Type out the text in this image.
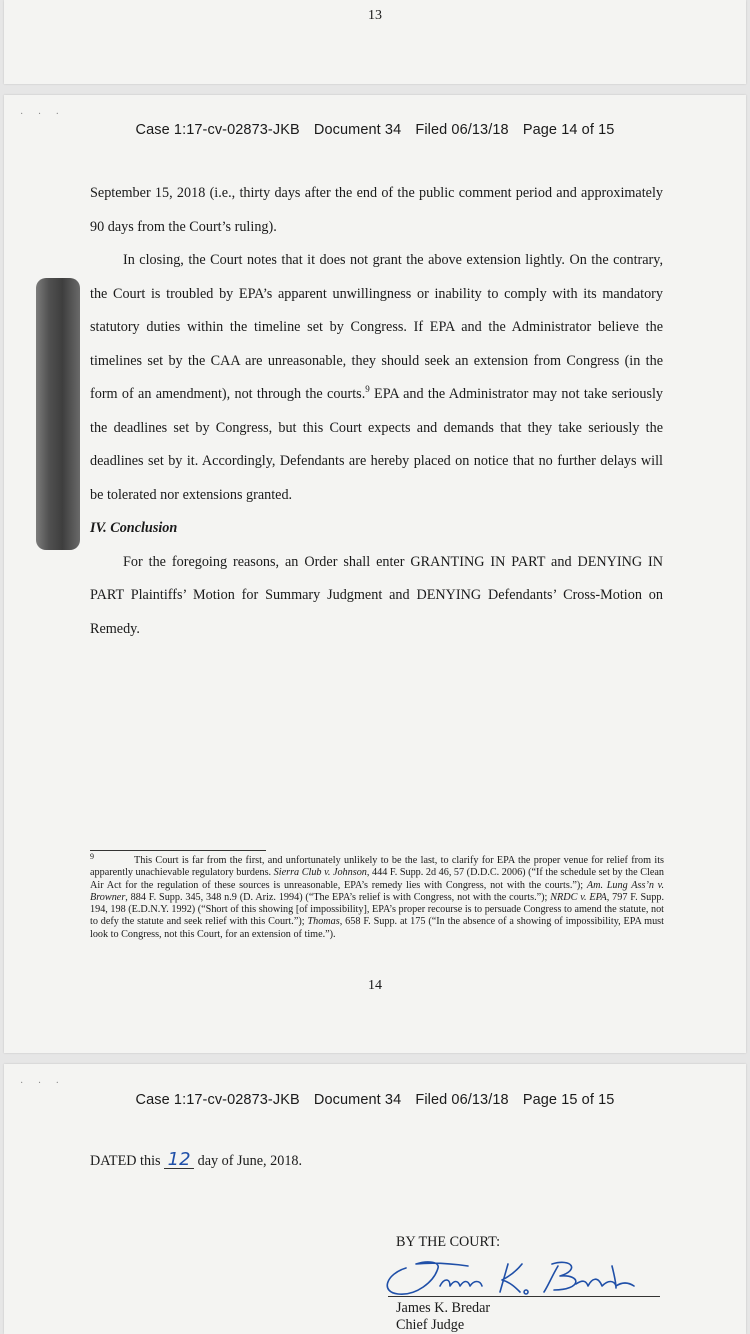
13
· · ·
Case 1:17-cv-02873-JKB Document 34 Filed 06/13/18 Page 14 of 15

September 15, 2018 (i.e., thirty days after the end of the public comment period and approximately 90 days from the Court’s ruling).

In closing, the Court notes that it does not grant the above extension lightly. On the contrary, the Court is troubled by EPA’s apparent unwillingness or inability to comply with its mandatory statutory duties within the timeline set by Congress. If EPA and the Administrator believe the timelines set by the CAA are unreasonable, they should seek an extension from Congress (in the form of an amendment), not through the courts.$^9$ EPA and the Administrator may not take seriously the deadlines set by Congress, but this Court expects and demands that they take seriously the deadlines set by it. Accordingly, Defendants are hereby placed on notice that no further delays will be tolerated nor extensions granted.

IV. Conclusion

For the foregoing reasons, an Order shall enter GRANTING IN PART and DENYING IN PART Plaintiffs’ Motion for Summary Judgment and DENYING Defendants’ Cross-Motion on Remedy.

9	This Court is far from the first, and unfortunately unlikely to be the last, to clarify for EPA the proper venue for relief from its apparently unachievable regulatory burdens. Sierra Club v. Johnson, 444 F. Supp. 2d 46, 57 (D.D.C. 2006) (“If the schedule set by the Clean Air Act for the regulation of these sources is unreasonable, EPA’s remedy lies with Congress, not with the courts.”); Am. Lung Ass’n v. Browner, 884 F. Supp. 345, 348 n.9 (D. Ariz. 1994) (“The EPA’s relief is with Congress, not with the courts.”); NRDC v. EPA, 797 F. Supp. 194, 198 (E.D.N.Y. 1992) (“Short of this showing [of impossibility], EPA’s proper recourse is to persuade Congress to amend the statute, not to defy the statute and seek relief with this Court.”); Thomas, 658 F. Supp. at 175 (“In the absence of a showing of impossibility, EPA must look to Congress, not this Court, for an extension of time.”).
14
· · ·
Case 1:17-cv-02873-JKB Document 34 Filed 06/13/18 Page 15 of 15
DATED this 12 day of June, 2018.
BY THE COURT:
James K. Bredar
Chief Judge
